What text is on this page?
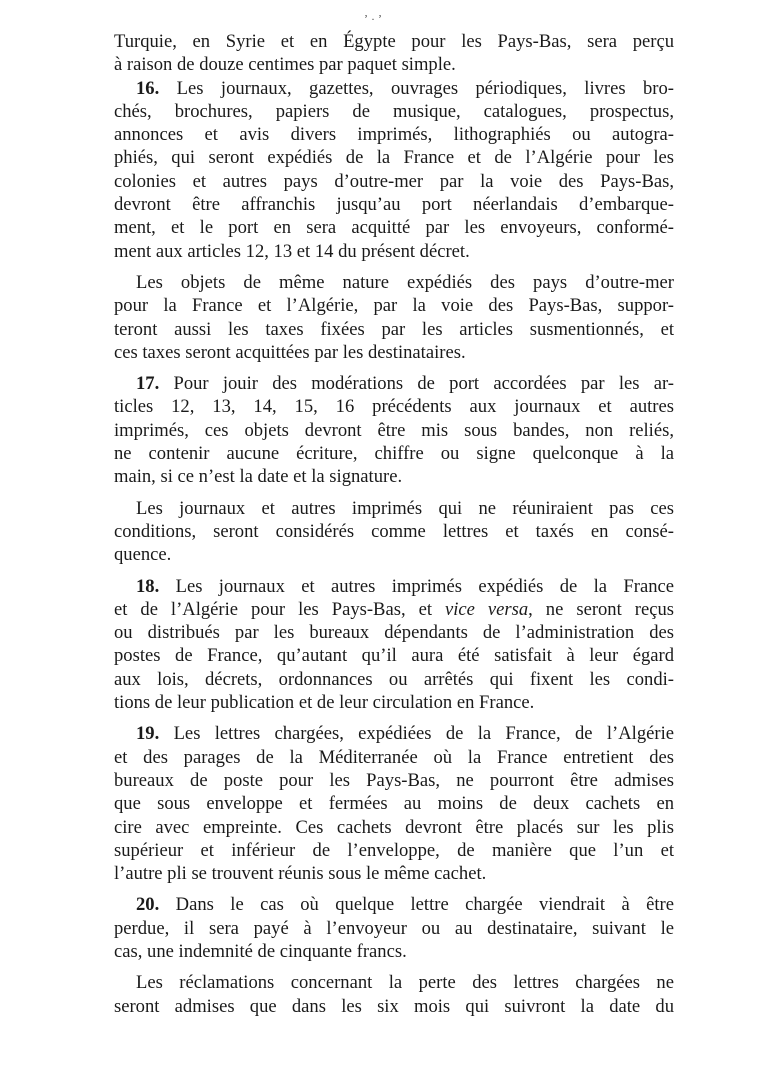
ʼ · ʼ
Turquie, en Syrie et en Égypte pour les Pays-Bas, sera perçu
à raison de douze centimes par paquet simple.
16. Les journaux, gazettes, ouvrages périodiques, livres bro-
chés, brochures, papiers de musique, catalogues, prospectus,
annonces et avis divers imprimés, lithographiés ou autogra-
phiés, qui seront expédiés de la France et de l’Algérie pour les
colonies et autres pays d’outre-mer par la voie des Pays-Bas,
devront être affranchis jusqu’au port néerlandais d’embarque-
ment, et le port en sera acquitté par les envoyeurs, conformé-
ment aux articles 12, 13 et 14 du présent décret.
Les objets de même nature expédiés des pays d’outre-mer
pour la France et l’Algérie, par la voie des Pays-Bas, suppor-
teront aussi les taxes fixées par les articles susmentionnés, et
ces taxes seront acquittées par les destinataires.
17. Pour jouir des modérations de port accordées par les ar-
ticles 12, 13, 14, 15, 16 précédents aux journaux et autres
imprimés, ces objets devront être mis sous bandes, non reliés,
ne contenir aucune écriture, chiffre ou signe quelconque à la
main, si ce n’est la date et la signature.
Les journaux et autres imprimés qui ne réuniraient pas ces
conditions, seront considérés comme lettres et taxés en consé-
quence.
18. Les journaux et autres imprimés expédiés de la France
et de l’Algérie pour les Pays-Bas, et vice versa, ne seront reçus
ou distribués par les bureaux dépendants de l’administration des
postes de France, qu’autant qu’il aura été satisfait à leur égard
aux lois, décrets, ordonnances ou arrêtés qui fixent les condi-
tions de leur publication et de leur circulation en France.
19. Les lettres chargées, expédiées de la France, de l’Algérie
et des parages de la Méditerranée où la France entretient des
bureaux de poste pour les Pays-Bas, ne pourront être admises
que sous enveloppe et fermées au moins de deux cachets en
cire avec empreinte. Ces cachets devront être placés sur les plis
supérieur et inférieur de l’enveloppe, de manière que l’un et
l’autre pli se trouvent réunis sous le même cachet.
20. Dans le cas où quelque lettre chargée viendrait à être
perdue, il sera payé à l’envoyeur ou au destinataire, suivant le
cas, une indemnité de cinquante francs.
Les réclamations concernant la perte des lettres chargées ne
seront admises que dans les six mois qui suivront la date du
